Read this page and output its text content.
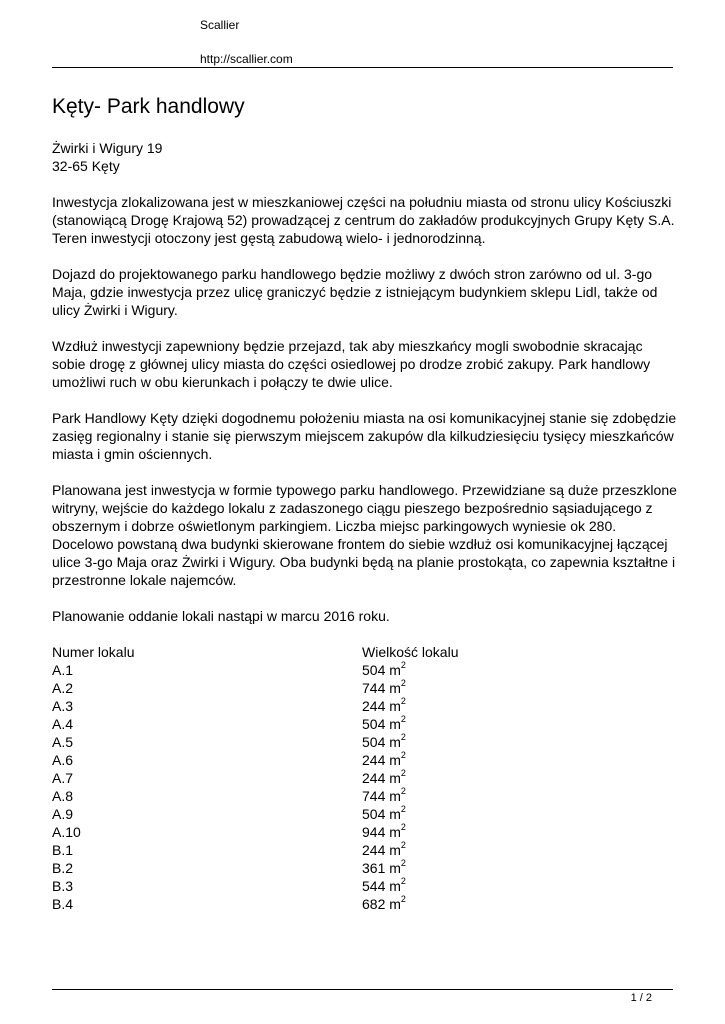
Scallier
http://scallier.com
Kęty- Park handlowy
Żwirki i Wigury 19
32-65 Kęty
Inwestycja zlokalizowana jest w mieszkaniowej części na południu miasta od stronu ulicy Kościuszki (stanowiącą Drogę Krajową 52) prowadzącej z centrum do zakładów produkcyjnych Grupy Kęty S.A. Teren inwestycji otoczony jest gęstą zabudową wielo- i jednorodzinną.
Dojazd do projektowanego parku handlowego będzie możliwy z dwóch stron zarówno od ul. 3-go Maja, gdzie inwestycja przez ulicę graniczyć będzie z istniejącym budynkiem sklepu Lidl, także od ulicy Żwirki i Wigury.
Wzdłuż inwestycji zapewniony będzie przejazd, tak aby mieszkańcy mogli swobodnie skracając sobie drogę z głównej ulicy miasta do części osiedlowej po drodze zrobić zakupy. Park handlowy umożliwi ruch w obu kierunkach i połączy te dwie ulice.
Park Handlowy Kęty dzięki dogodnemu położeniu miasta na osi komunikacyjnej stanie się zdobędzie zasięg regionalny i stanie się pierwszym miejscem zakupów dla kilkudziesięciu tysięcy mieszkańców miasta i gmin ościennych.
Planowana jest inwestycja w formie typowego parku handlowego. Przewidziane są duże przeszklone witryny, wejście do każdego lokalu z zadaszonego ciągu pieszego bezpośrednio sąsiadującego z obszernym i dobrze oświetlonym parkingiem. Liczba miejsc parkingowych wyniesie ok 280. Docelowo powstaną dwa budynki skierowane frontem do siebie wzdłuż osi komunikacyjnej łączącej ulice 3-go Maja oraz Żwirki i Wigury. Oba budynki będą na planie prostokąta, co zapewnia kształtne i przestronne lokale najemców.
Planowanie oddanie lokali nastąpi w marcu 2016 roku.
Numer lokalu	Wielkość lokalu
A.1	504 $m^2$
A.2	744 $m^2$
A.3	244 $m^2$
A.4	504 $m^2$
A.5	504 $m^2$
A.6	244 $m^2$
A.7	244 $m^2$
A.8	744 $m^2$
A.9	504 $m^2$
A.10	944 $m^2$
B.1	244 $m^2$
B.2	361 $m^2$
B.3	544 $m^2$
B.4	682 $m^2$
1 / 2
